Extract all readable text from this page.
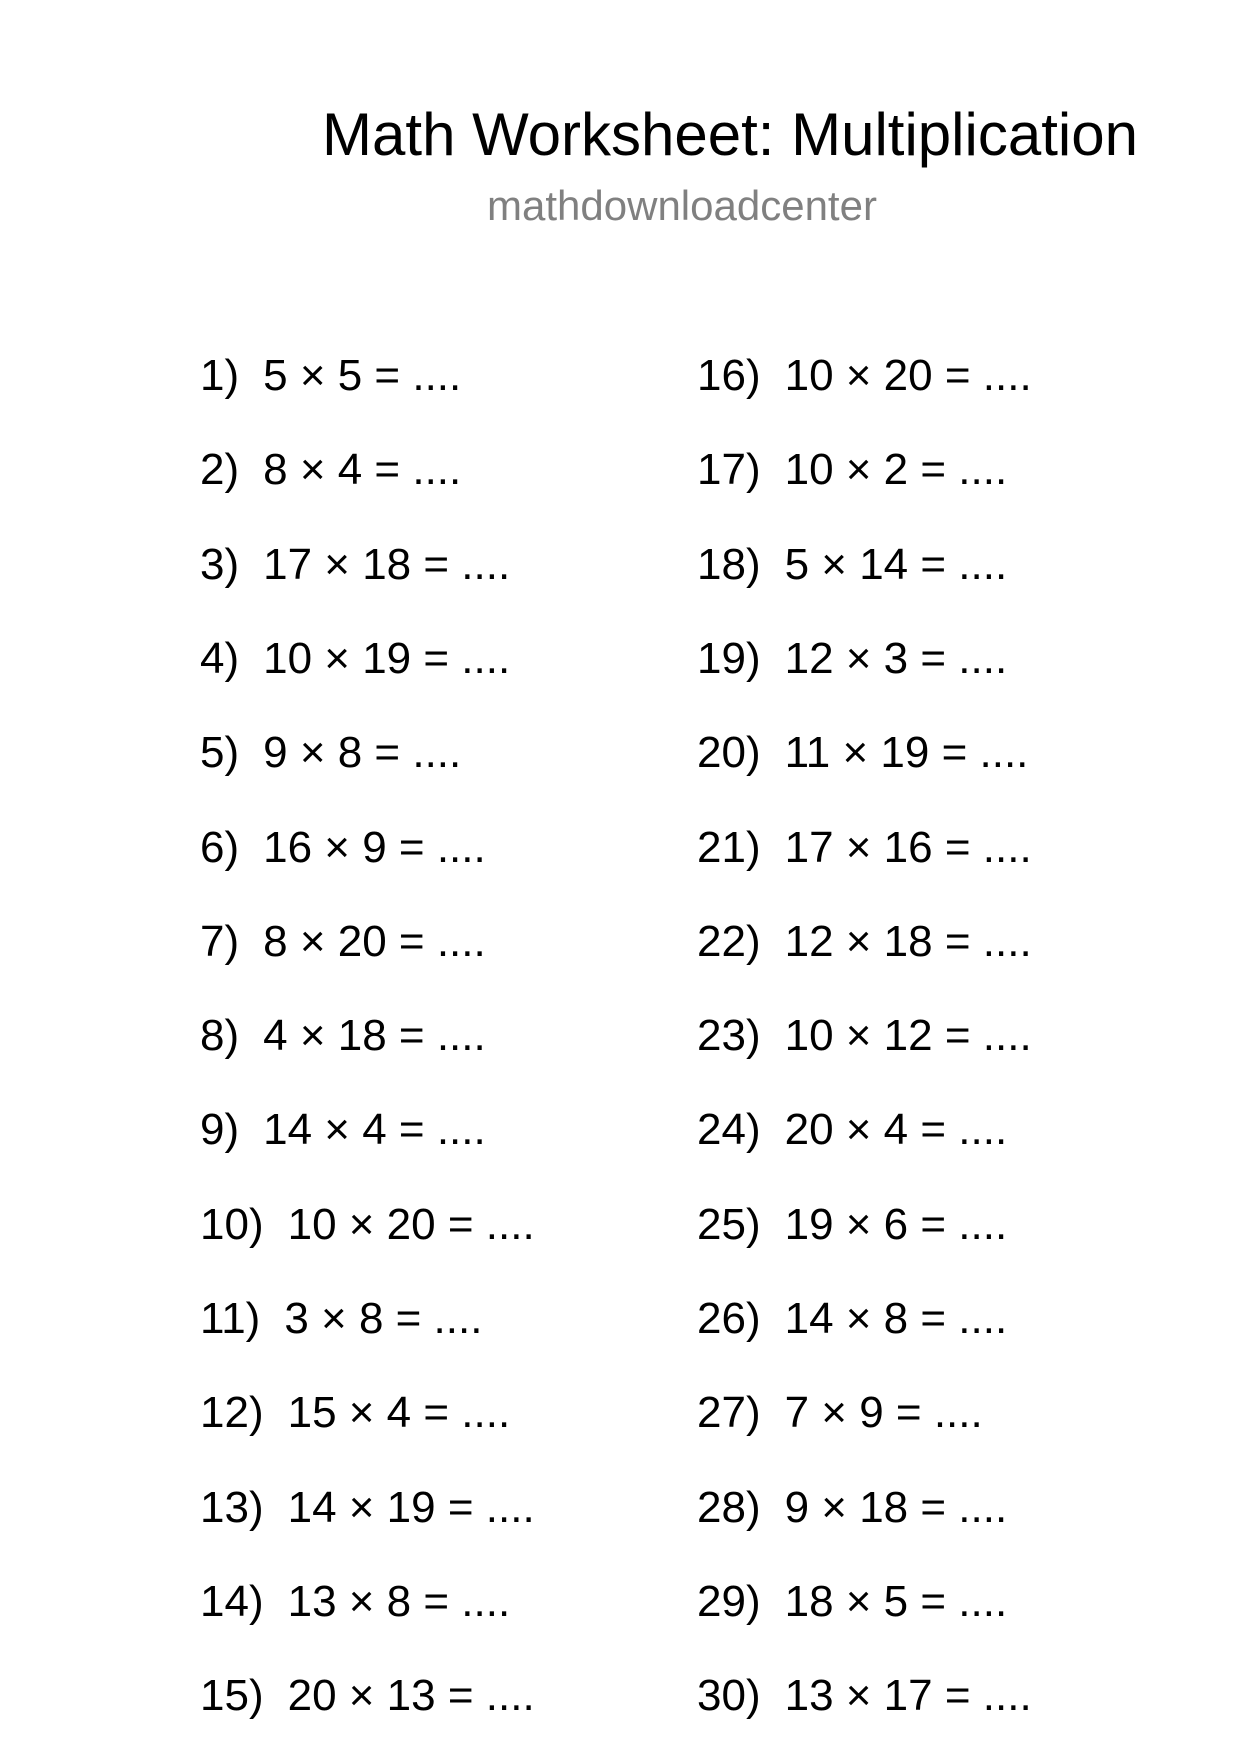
Math Worksheet: Multiplication
mathdownloadcenter
1) 5 × 5 = ....
2) 8 × 4 = ....
3) 17 × 18 = ....
4) 10 × 19 = ....
5) 9 × 8 = ....
6) 16 × 9 = ....
7) 8 × 20 = ....
8) 4 × 18 = ....
9) 14 × 4 = ....
10) 10 × 20 = ....
11) 3 × 8 = ....
12) 15 × 4 = ....
13) 14 × 19 = ....
14) 13 × 8 = ....
15) 20 × 13 = ....
16) 10 × 20 = ....
17) 10 × 2 = ....
18) 5 × 14 = ....
19) 12 × 3 = ....
20) 11 × 19 = ....
21) 17 × 16 = ....
22) 12 × 18 = ....
23) 10 × 12 = ....
24) 20 × 4 = ....
25) 19 × 6 = ....
26) 14 × 8 = ....
27) 7 × 9 = ....
28) 9 × 18 = ....
29) 18 × 5 = ....
30) 13 × 17 = ....
